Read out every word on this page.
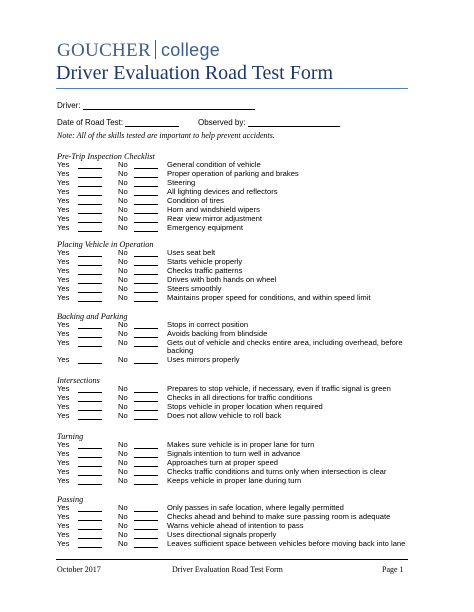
GOUCHER college
Driver Evaluation Road Test Form
Driver:
Date of Road Test:	Observed by:
Note: All of the skills tested are important to help prevent accidents.
Pre-Trip Inspection Checklist
Yes	No	General condition of vehicle
Yes	No	Proper operation of parking and brakes
Yes	No	Steering
Yes	No	All lighting devices and reflectors
Yes	No	Condition of tires
Yes	No	Horn and windshield wipers
Yes	No	Rear view mirror adjustment
Yes	No	Emergency equipment
Placing Vehicle in Operation
Yes	No	Uses seat belt
Yes	No	Starts vehicle properly
Yes	No	Checks traffic patterns
Yes	No	Drives with both hands on wheel
Yes	No	Steers smoothly
Yes	No	Maintains proper speed for conditions, and within speed limit
Backing and Parking
Yes	No	Stops in correct position
Yes	No	Avoids backing from blindside
Yes	No	Gets out of vehicle and checks entire area, including overhead, before backing
Yes	No	Uses mirrors properly
Intersections
Yes	No	Prepares to stop vehicle, if necessary, even if traffic signal is green
Yes	No	Checks in all directions for traffic conditions
Yes	No	Stops vehicle in proper location when required
Yes	No	Does not allow vehicle to roll back
Turning
Yes	No	Makes sure vehicle is in proper lane for turn
Yes	No	Signals intention to turn well in advance
Yes	No	Approaches turn at proper speed
Yes	No	Checks traffic conditions and turns only when intersection is clear
Yes	No	Keeps vehicle in proper lane during turn
Passing
Yes	No	Only passes in safe location, where legally permitted
Yes	No	Checks ahead and behind to make sure passing room is adequate
Yes	No	Warns vehicle ahead of intention to pass
Yes	No	Uses directional signals properly
Yes	No	Leaves sufficient space between vehicles before moving back into lane
October 2017	Driver Evaluation Road Test Form	Page 1
